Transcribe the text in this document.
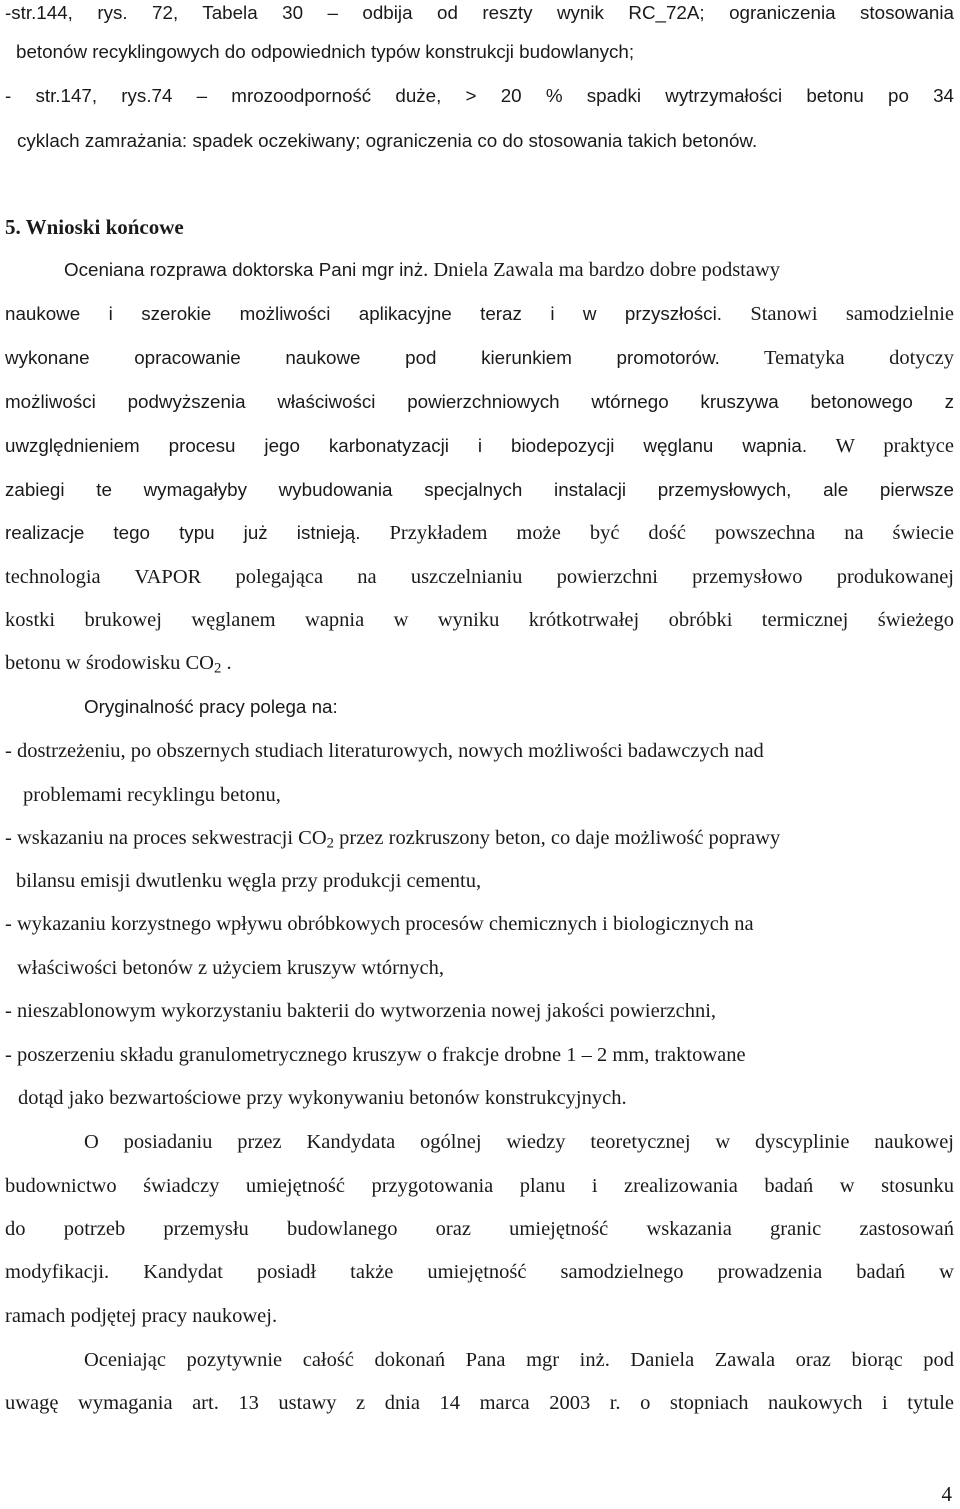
-str.144, rys. 72, Tabela 30 – odbija od reszty wynik RC_72A; ograniczenia stosowania
betonów recyklingowych do odpowiednich typów konstrukcji budowlanych;
- str.147, rys.74 – mrozoodporność duże, > 20 % spadki wytrzymałości betonu po 34
cyklach zamrażania: spadek oczekiwany; ograniczenia co do stosowania takich betonów.
5. Wnioski końcowe
Oceniana rozprawa doktorska Pani mgr inż. Dniela Zawala ma bardzo dobre podstawy
naukowe i szerokie możliwości aplikacyjne teraz i w przyszłości. Stanowi samodzielnie
wykonane opracowanie naukowe pod kierunkiem promotorów. Tematyka dotyczy
możliwości podwyższenia właściwości powierzchniowych wtórnego kruszywa betonowego z
uwzględnieniem procesu jego karbonatyzacji i biodepozycji węglanu wapnia. W praktyce
zabiegi te wymagałyby wybudowania specjalnych instalacji przemysłowych, ale pierwsze
realizacje tego typu już istnieją. Przykładem może być dość powszechna na świecie
technologia VAPOR polegająca na uszczelnianiu powierzchni przemysłowo produkowanej
kostki brukowej węglanem wapnia w wyniku krótkotrwałej obróbki termicznej świeżego
betonu w środowisku $CO_2$ .
Oryginalność pracy polega na:
- dostrzeżeniu, po obszernych studiach literaturowych, nowych możliwości badawczych nad
problemami recyklingu betonu,
- wskazaniu na proces sekwestracji $CO_2$ przez rozkruszony beton, co daje możliwość poprawy
bilansu emisji dwutlenku węgla przy produkcji cementu,
- wykazaniu korzystnego wpływu obróbkowych procesów chemicznych i biologicznych na
właściwości betonów z użyciem kruszyw wtórnych,
- nieszablonowym wykorzystaniu bakterii do wytworzenia nowej jakości powierzchni,
- poszerzeniu składu granulometrycznego kruszyw o frakcje drobne 1 – 2 mm, traktowane
dotąd jako bezwartościowe przy wykonywaniu betonów konstrukcyjnych.
O posiadaniu przez Kandydata ogólnej wiedzy teoretycznej w dyscyplinie naukowej
budownictwo świadczy umiejętność przygotowania planu i zrealizowania badań w stosunku
do potrzeb przemysłu budowlanego oraz umiejętność wskazania granic zastosowań
modyfikacji. Kandydat posiadł także umiejętność samodzielnego prowadzenia badań w
ramach podjętej pracy naukowej.
Oceniając pozytywnie całość dokonań Pana mgr inż. Daniela Zawala oraz biorąc pod
uwagę wymagania art. 13 ustawy z dnia 14 marca 2003 r. o stopniach naukowych i tytule
4
